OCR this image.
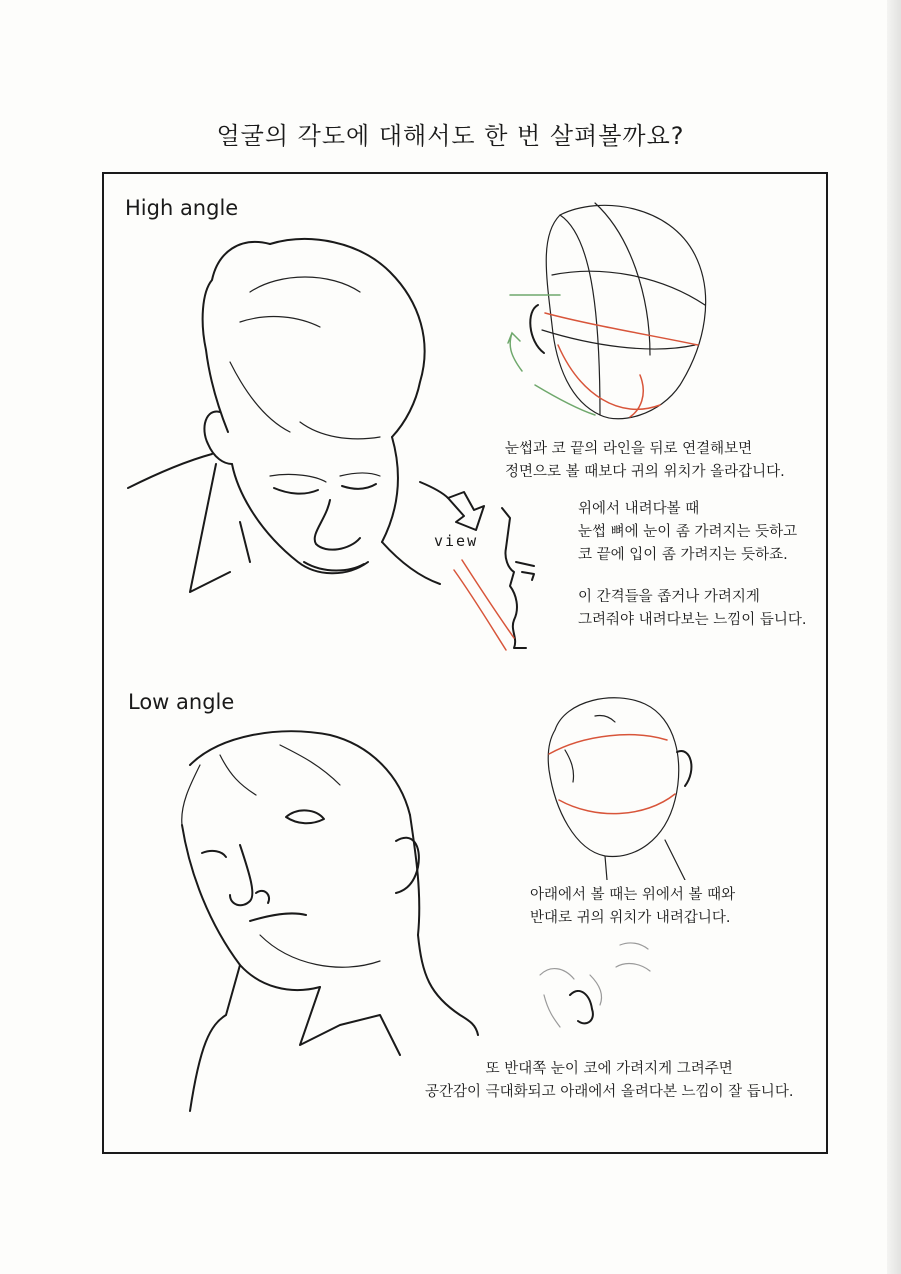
얼굴의 각도에 대해서도 한 번 살펴볼까요?
High angle
눈썹과 코 끝의 라인을 뒤로 연결해보면
정면으로 볼 때보다 귀의 위치가 올라갑니다.
view
위에서 내려다볼 때
눈썹 뼈에 눈이 좀 가려지는 듯하고
코 끝에 입이 좀 가려지는 듯하죠.
이 간격들을 좁거나 가려지게
그려줘야 내려다보는 느낌이 듭니다.
Low angle
아래에서 볼 때는 위에서 볼 때와
반대로 귀의 위치가 내려갑니다.
또 반대쪽 눈이 코에 가려지게 그려주면
공간감이 극대화되고 아래에서 올려다본 느낌이 잘 듭니다.
